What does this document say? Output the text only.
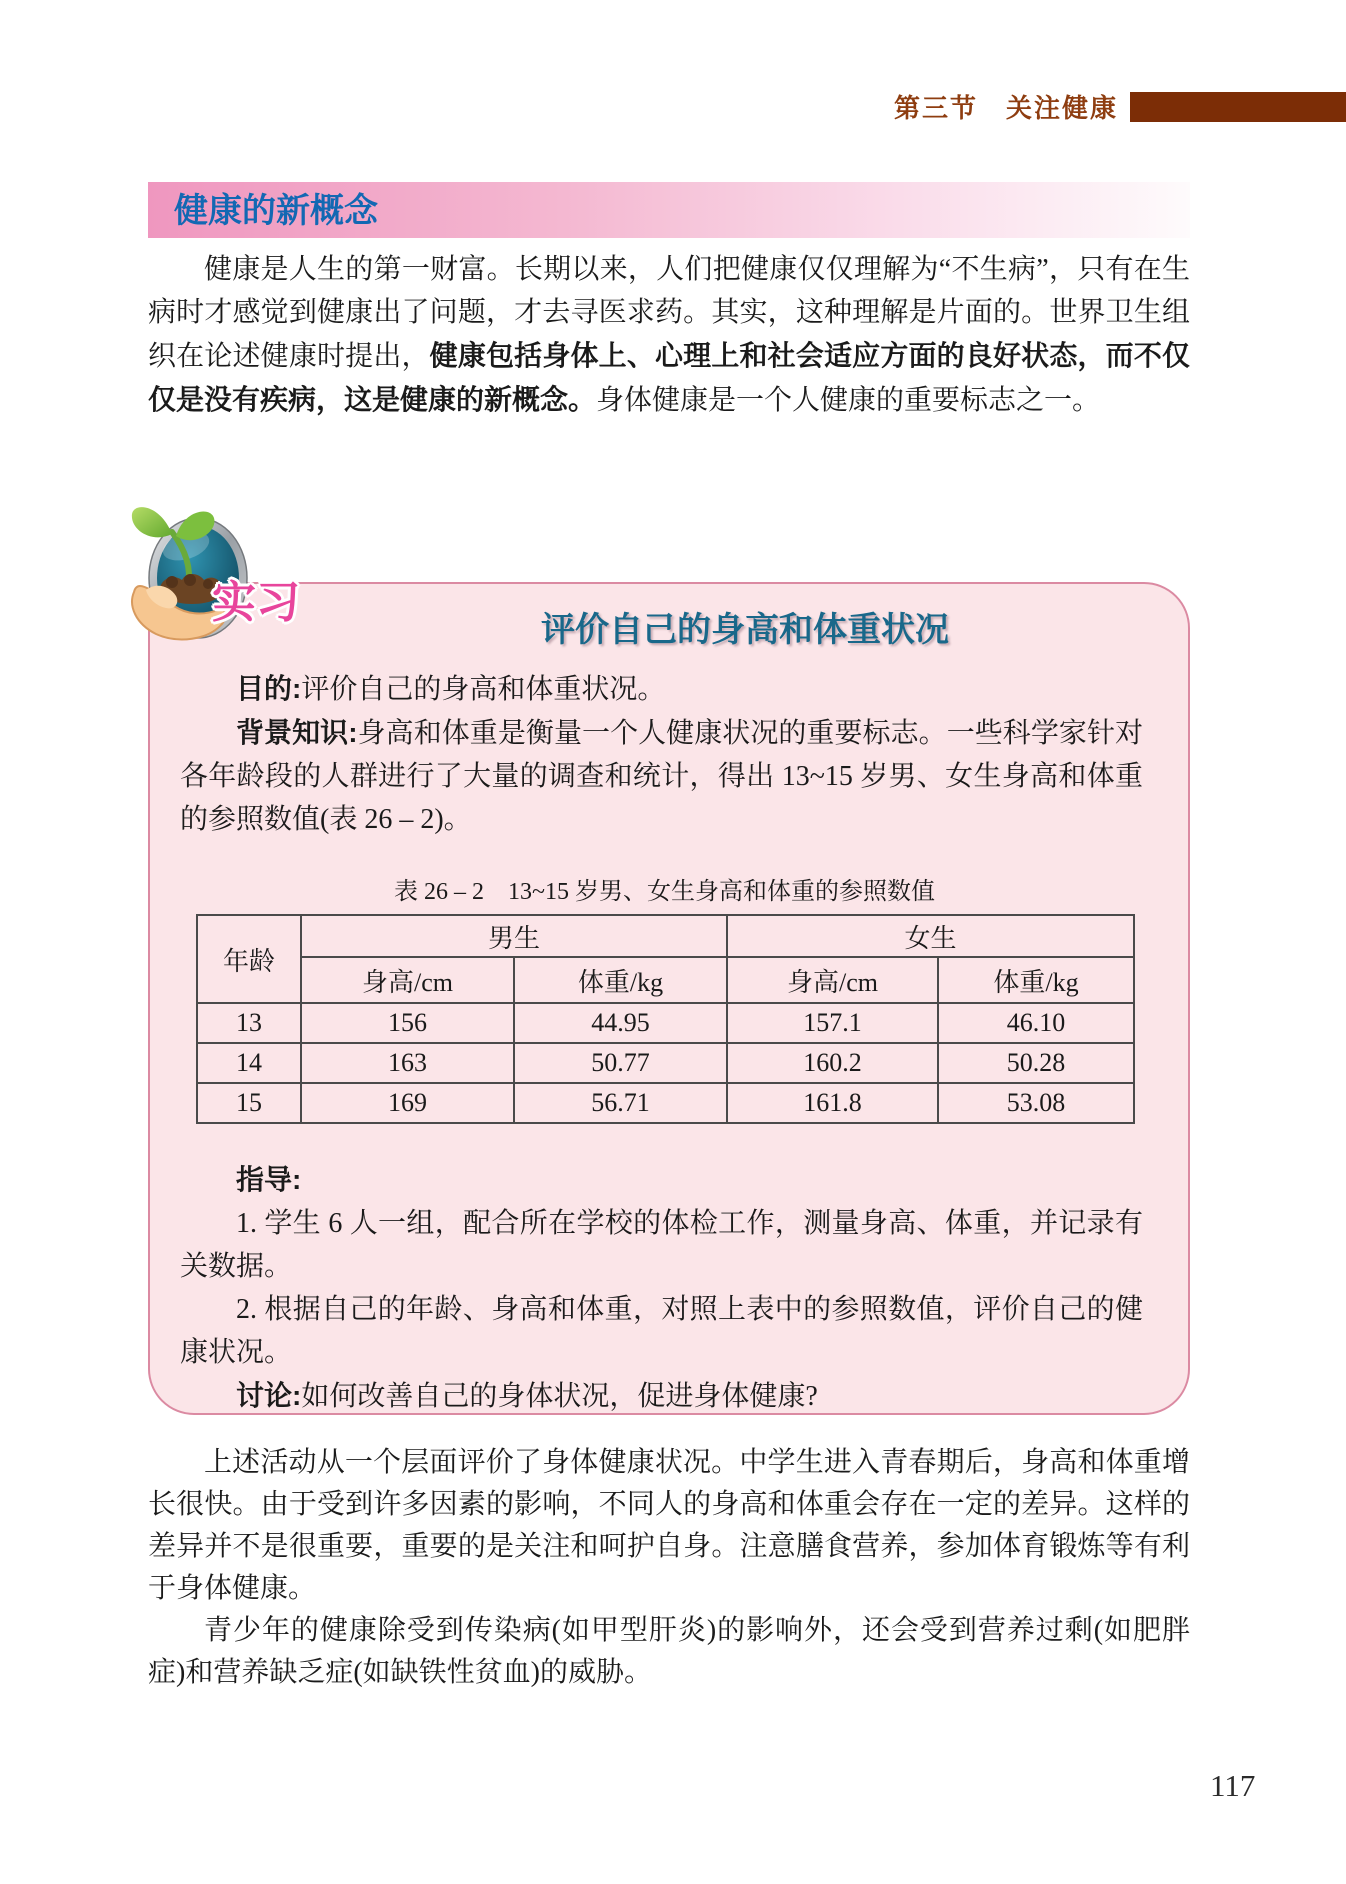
第三节　关注健康
健康的新概念

健康是人生的第一财富。长期以来，人们把健康仅仅理解为“不生病”，只有在生病时才感觉到健康出了问题，才去寻医求药。其实，这种理解是片面的。世界卫生组织在论述健康时提出，健康包括身体上、心理上和社会适应方面的良好状态，而不仅仅是没有疾病，这是健康的新概念。身体健康是一个人健康的重要标志之一。

实习
评价自己的身高和体重状况

目的:评价自己的身高和体重状况。

背景知识:身高和体重是衡量一个人健康状况的重要标志。一些科学家针对各年龄段的人群进行了大量的调查和统计，得出 13~15 岁男、女生身高和体重的参照数值(表 26 – 2)。

表 26 – 2　13~15 岁男、女生身高和体重的参照数值
年龄	男生		女生	
	身高/cm	体重/kg	身高/cm	体重/kg
13	156	44.95	157.1	46.10
14	163	50.77	160.2	50.28
15	169	56.71	161.8	53.08

指导:

1. 学生 6 人一组，配合所在学校的体检工作，测量身高、体重，并记录有关数据。

2. 根据自己的年龄、身高和体重，对照上表中的参照数值，评价自己的健康状况。

讨论:如何改善自己的身体状况，促进身体健康?

上述活动从一个层面评价了身体健康状况。中学生进入青春期后，身高和体重增长很快。由于受到许多因素的影响，不同人的身高和体重会存在一定的差异。这样的差异并不是很重要，重要的是关注和呵护自身。注意膳食营养，参加体育锻炼等有利于身体健康。

青少年的健康除受到传染病(如甲型肝炎)的影响外，还会受到营养过剩(如肥胖症)和营养缺乏症(如缺铁性贫血)的威胁。

117
